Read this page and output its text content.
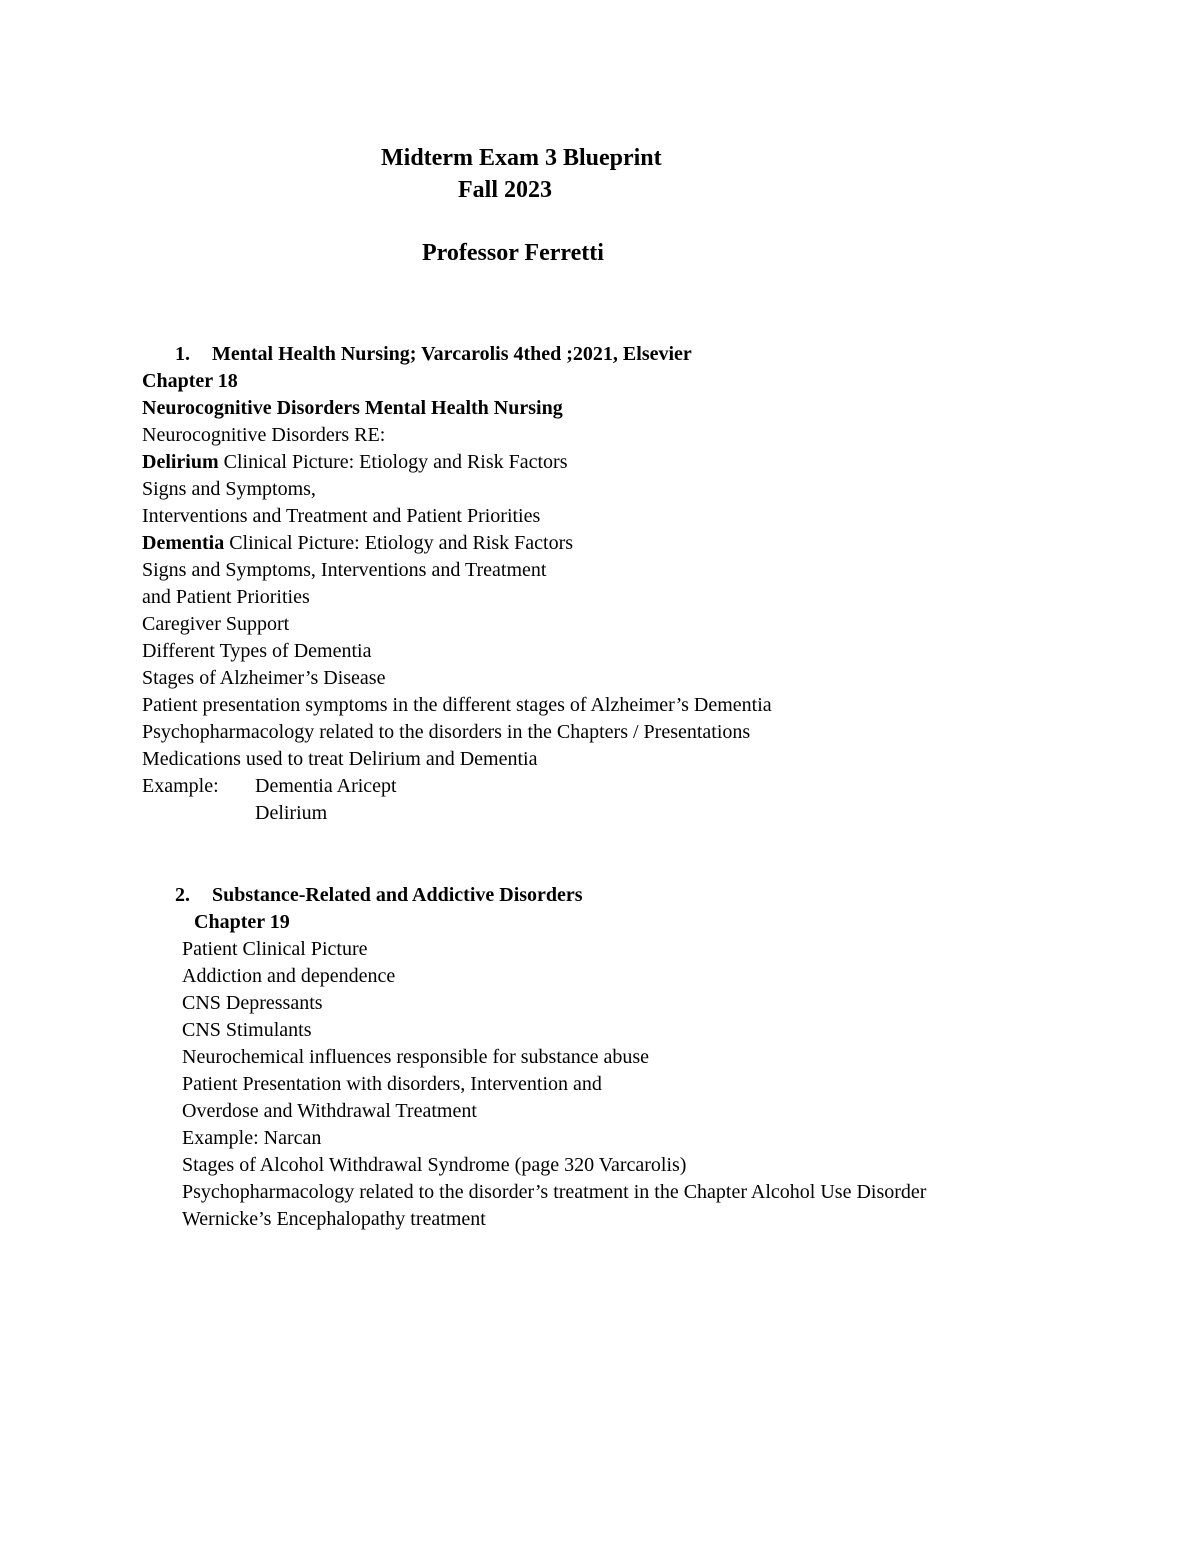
Midterm Exam 3 Blueprint
Fall 2023
Professor Ferretti
1. Mental Health Nursing; Varcarolis 4thed ;2021, Elsevier
Chapter 18
Neurocognitive Disorders Mental Health Nursing
Neurocognitive Disorders RE:
Delirium Clinical Picture: Etiology and Risk Factors
Signs and Symptoms,
Interventions and Treatment and Patient Priorities
Dementia Clinical Picture: Etiology and Risk Factors
Signs and Symptoms, Interventions and Treatment
and Patient Priorities
Caregiver Support
Different Types of Dementia
Stages of Alzheimer’s Disease
Patient presentation symptoms in the different stages of Alzheimer’s Dementia
Psychopharmacology related to the disorders in the Chapters / Presentations
Medications used to treat Delirium and Dementia
Example: Dementia Aricept
Delirium
2. Substance-Related and Addictive Disorders
Chapter 19
Patient Clinical Picture
Addiction and dependence
CNS Depressants
CNS Stimulants
Neurochemical influences responsible for substance abuse
Patient Presentation with disorders, Intervention and
Overdose and Withdrawal Treatment
Example: Narcan
Stages of Alcohol Withdrawal Syndrome (page 320 Varcarolis)
Psychopharmacology related to the disorder’s treatment in the Chapter Alcohol Use Disorder
Wernicke’s Encephalopathy treatment
